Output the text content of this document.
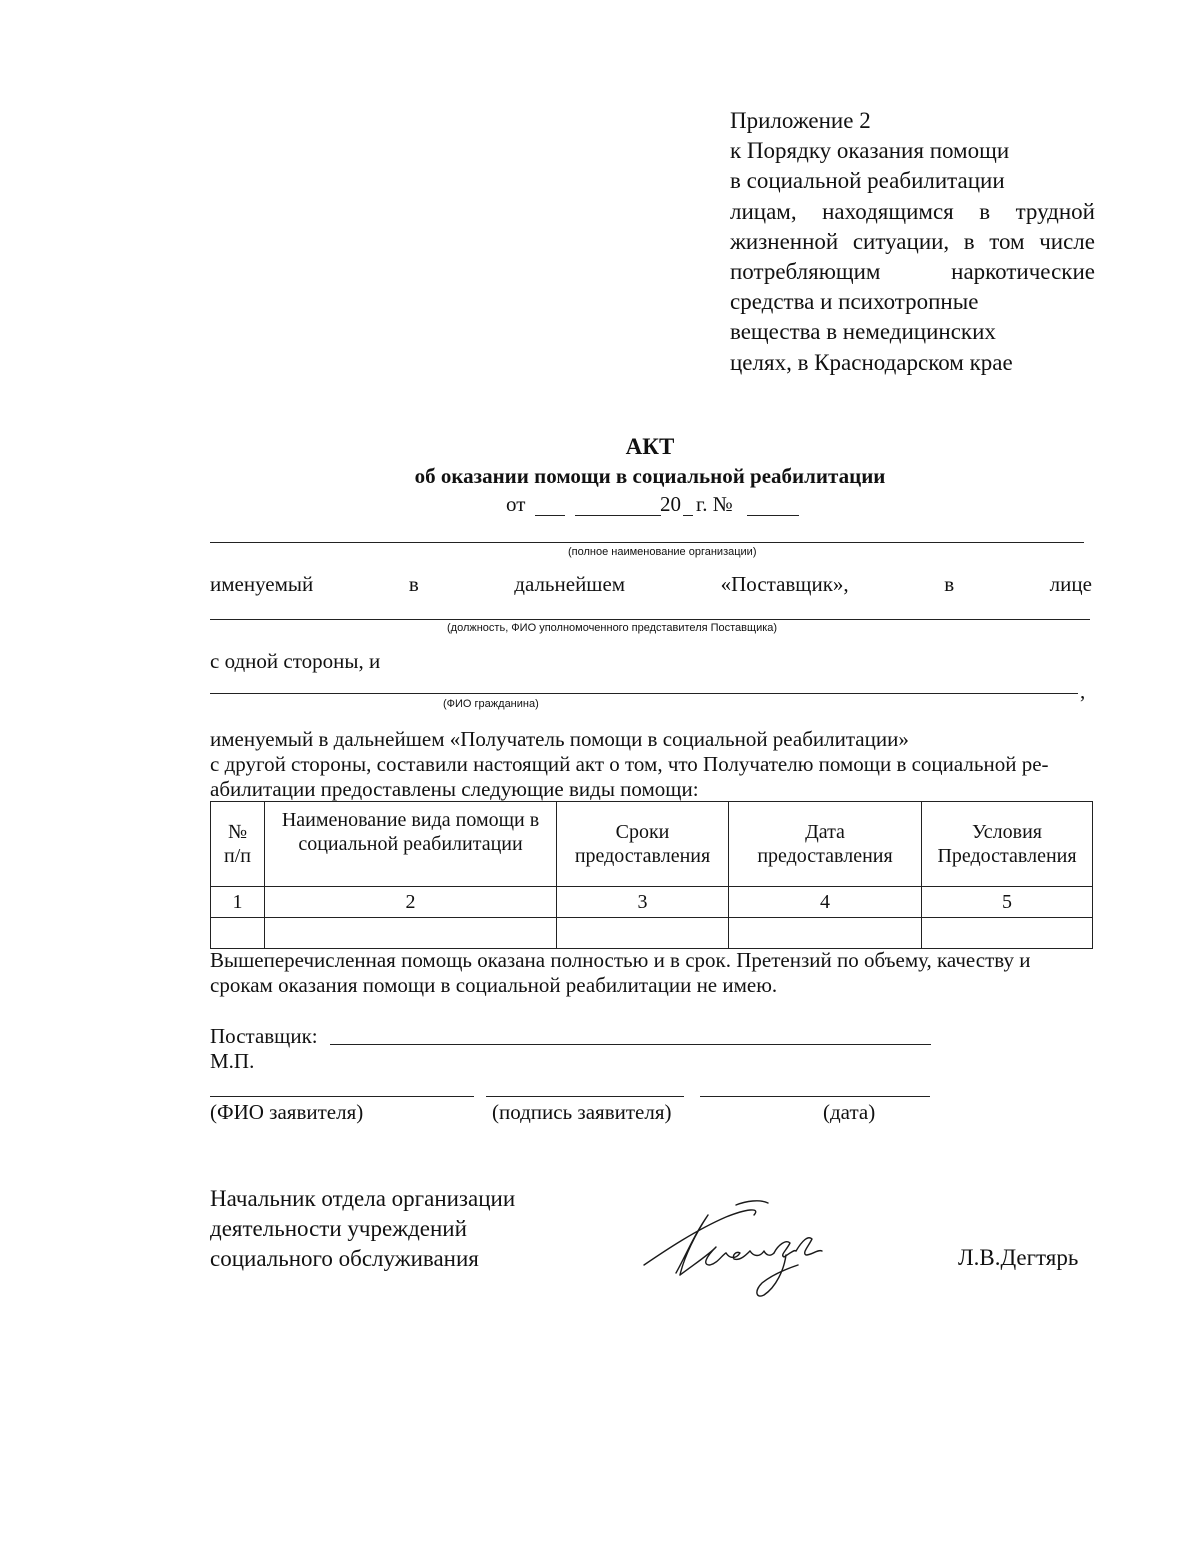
Приложение 2
к Порядку оказания помощи
в социальной реабилитации
лицам, находящимся в трудной
жизненной ситуации, в том числе
потребляющим наркотические
средства и психотропные
вещества в немедицинских
целях, в Краснодарском крае
АКТ
об оказании помощи в социальной реабилитации
от	20 г. №
(полное наименование организации)
именуемый	в	дальнейшем	«Поставщик»,	в	лице
(должность, ФИО уполномоченного представителя Поставщика)
с одной стороны, и
,
(ФИО гражданина)
именуемый в дальнейшем «Получатель помощи в социальной реабилитации»
с другой стороны, составили настоящий акт о том, что Получателю помощи в социальной ре-
абилитации предоставлены следующие виды помощи:
№ п/п	Наименование вида помощи в социальной реабилитации	Сроки предоставления	Дата предоставления	Условия Предоставления
1	2	3	4	5

Вышеперечисленная помощь оказана полностью и в срок. Претензий по объему, качеству и
срокам оказания помощи в социальной реабилитации не имею.
Поставщик:
М.П.
(ФИО заявителя)	(подпись заявителя)	(дата)
Начальник отдела организации
деятельности учреждений
социального обслуживания	Л.В.Дегтярь
